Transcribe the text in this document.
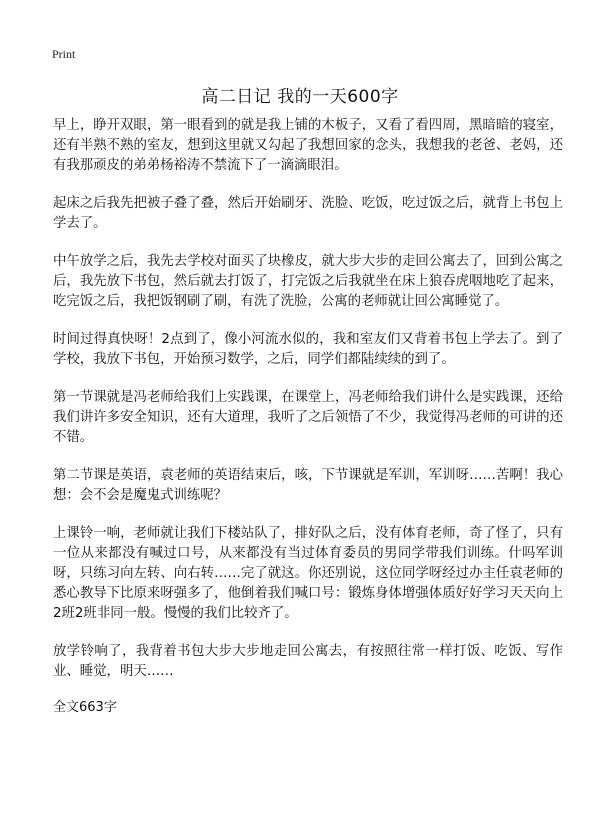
Print
高二日记 我的一天600字

早上，睁开双眼，第一眼看到的就是我上铺的木板子，又看了看四周，黑暗暗的寝室，还有半熟不熟的室友，想到这里就又勾起了我想回家的念头，我想我的老爸、老妈，还有我那顽皮的弟弟杨裕涛不禁流下了一滴滴眼泪。

起床之后我先把被子叠了叠，然后开始刷牙、洗脸、吃饭，吃过饭之后，就背上书包上学去了。

中午放学之后，我先去学校对面买了块橡皮，就大步大步的走回公寓去了，回到公寓之后，我先放下书包，然后就去打饭了，打完饭之后我就坐在床上狼吞虎咽地吃了起来，吃完饭之后，我把饭钢刷了刷，有洗了洗脸，公寓的老师就让回公寓睡觉了。

时间过得真快呀！2点到了，像小河流水似的，我和室友们又背着书包上学去了。到了学校，我放下书包，开始预习数学，之后，同学们都陆续续的到了。

第一节课就是冯老师给我们上实践课，在课堂上，冯老师给我们讲什么是实践课，还给我们讲许多安全知识，还有大道理，我听了之后领悟了不少，我觉得冯老师的可讲的还不错。

第二节课是英语，袁老师的英语结束后，咳，下节课就是军训，军训呀……苦啊！我心想：会不会是魔鬼式训练呢？

上课铃一响，老师就让我们下楼站队了，排好队之后，没有体育老师，奇了怪了，只有一位从来都没有喊过口号，从来都没有当过体育委员的男同学带我们训练。什吗军训呀，只练习向左转、向右转……完了就这。你还别说，这位同学呀经过办主任袁老师的悉心教导下比原来呀强多了，他倒着我们喊口号：锻炼身体增强体质好好学习天天向上2班2班非同一般。慢慢的我们比较齐了。

放学铃响了，我背着书包大步大步地走回公寓去，有按照往常一样打饭、吃饭、写作业、睡觉，明天……

全文663字
